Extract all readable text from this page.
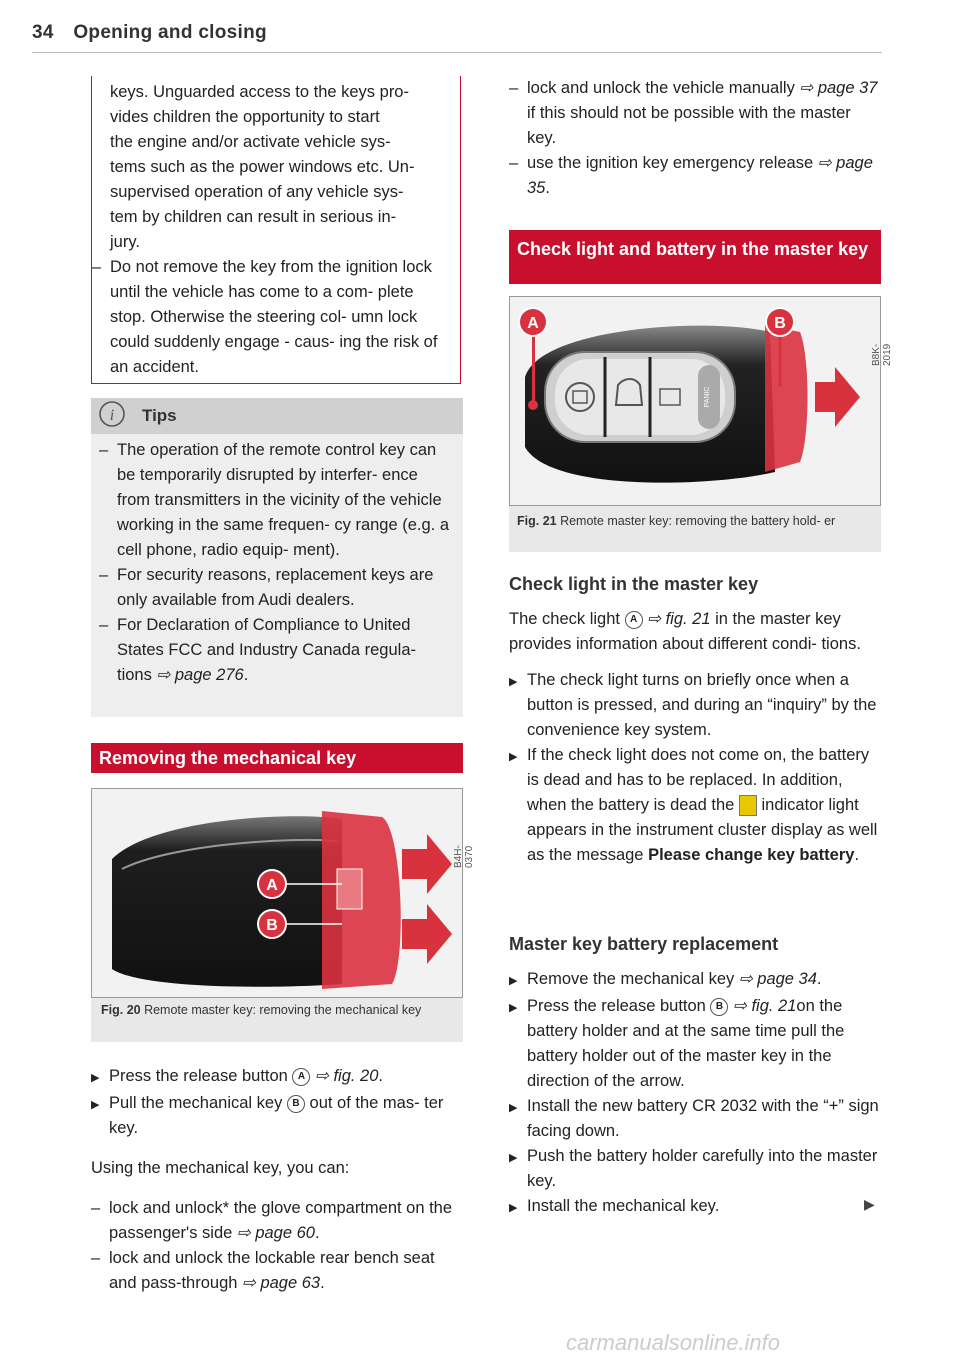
34 Opening and closing
keys. Unguarded access to the keys pro-
vides children the opportunity to start
the engine and/or activate vehicle sys-
tems such as the power windows etc. Un-
supervised operation of any vehicle sys-
tem by children can result in serious in-
jury.
– Do not remove the key from the ignition lock until the vehicle has come to a com- plete stop. Otherwise the steering col- umn lock could suddenly engage - caus- ing the risk of an accident.
i Tips
– The operation of the remote control key can be temporarily disrupted by interfer- ence from transmitters in the vicinity of the vehicle working in the same frequen- cy range (e.g. a cell phone, radio equip- ment).
– For security reasons, replacement keys are only available from Audi dealers.
– For Declaration of Compliance to United States FCC and Industry Canada regula- tions ⇨ page 276.
Removing the mechanical key
A
B
B4H-0370
Fig. 20 Remote master key: removing the mechanical key
▶ Press the release button A ⇨ fig. 20.
▶ Pull the mechanical key B out of the mas- ter key.
Using the mechanical key, you can:
– lock and unlock* the glove compartment on the passenger's side ⇨ page 60.
– lock and unlock the lockable rear bench seat and pass-through ⇨ page 63.
– lock and unlock the vehicle manually ⇨ page 37 if this should not be possible with the master key.
– use the ignition key emergency release ⇨ page 35.
Check light and battery in the master key
PANIC
A	B
B8K-2019
Fig. 21 Remote master key: removing the battery hold- er
Check light in the master key
The check light A ⇨ fig. 21 in the master key provides information about different condi- tions.
▶ The check light turns on briefly once when a button is pressed, and during an “inquiry” by the convenience key system.
▶ If the check light does not come on, the battery is dead and has to be replaced. In addition, when the battery is dead the indicator light appears in the instrument cluster display as well as the message Please change key battery.
Master key battery replacement
▶ Remove the mechanical key ⇨ page 34.
▶ Press the release button B ⇨ fig. 21on the battery holder and at the same time pull the battery holder out of the master key in the direction of the arrow.
▶ Install the new battery CR 2032 with the “+” sign facing down.
▶ Push the battery holder carefully into the master key.
▶ Install the mechanical key.	▶
carmanualsonline.info
